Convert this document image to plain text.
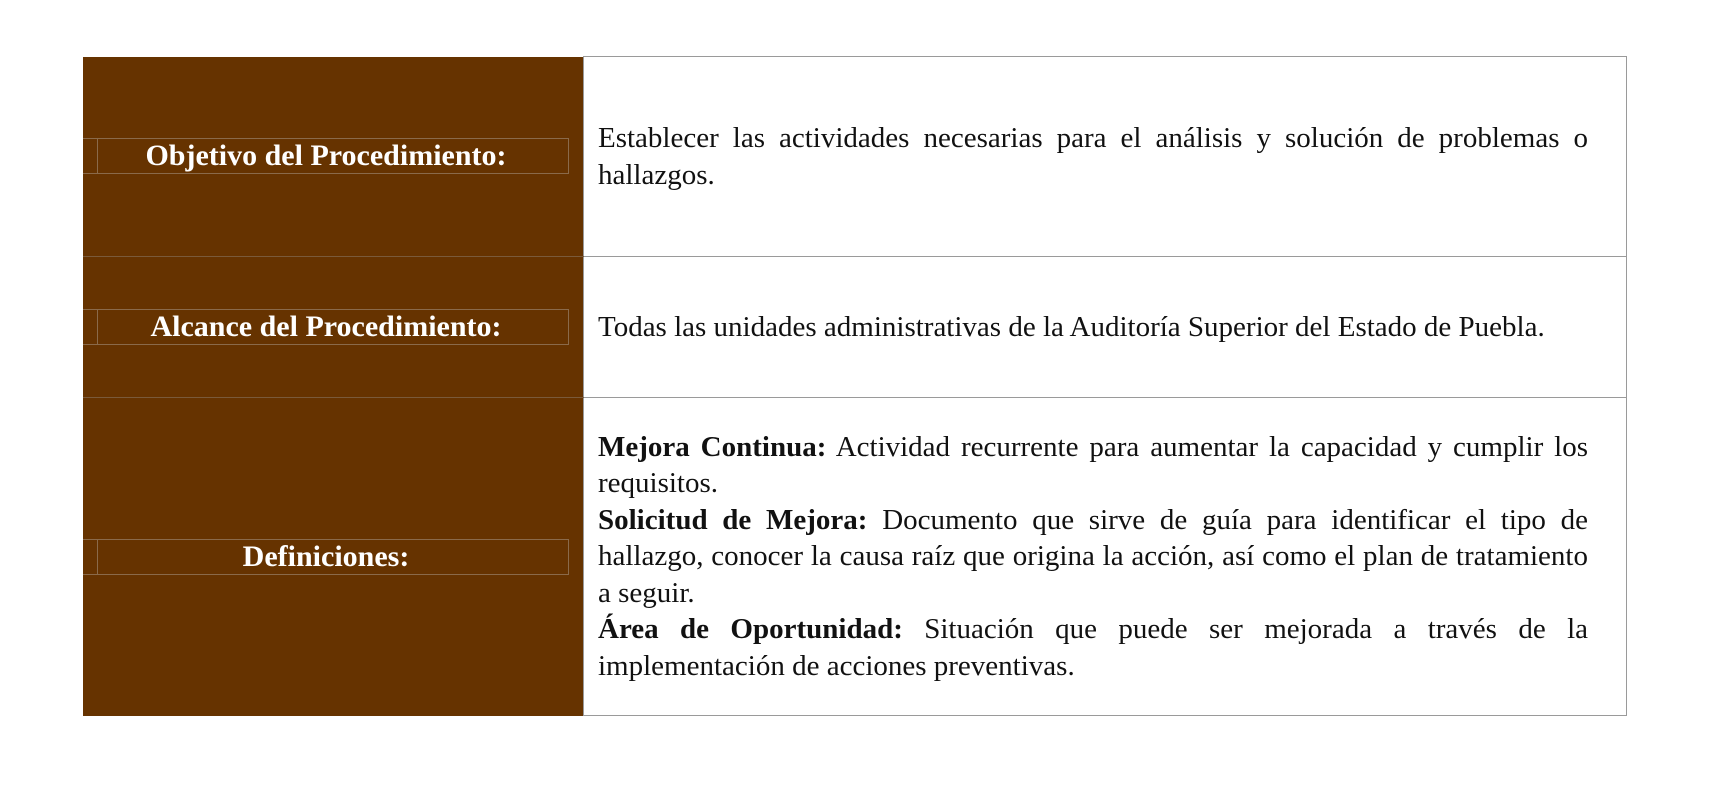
Objetivo del Procedimiento:	Establecer las actividades necesarias para el análisis y solución de problemas o hallazgos.

Alcance del Procedimiento:	Todas las unidades administrativas de la Auditoría Superior del Estado de Puebla.

Definiciones:	Mejora Continua: Actividad recurrente para aumentar la capacidad y cumplir los requisitos.

Solicitud de Mejora: Documento que sirve de guía para identificar el tipo de hallazgo, conocer la causa raíz que origina la acción, así como el plan de tratamiento a seguir.

Área de Oportunidad: Situación que puede ser mejorada a través de la implementación de acciones preventivas.
